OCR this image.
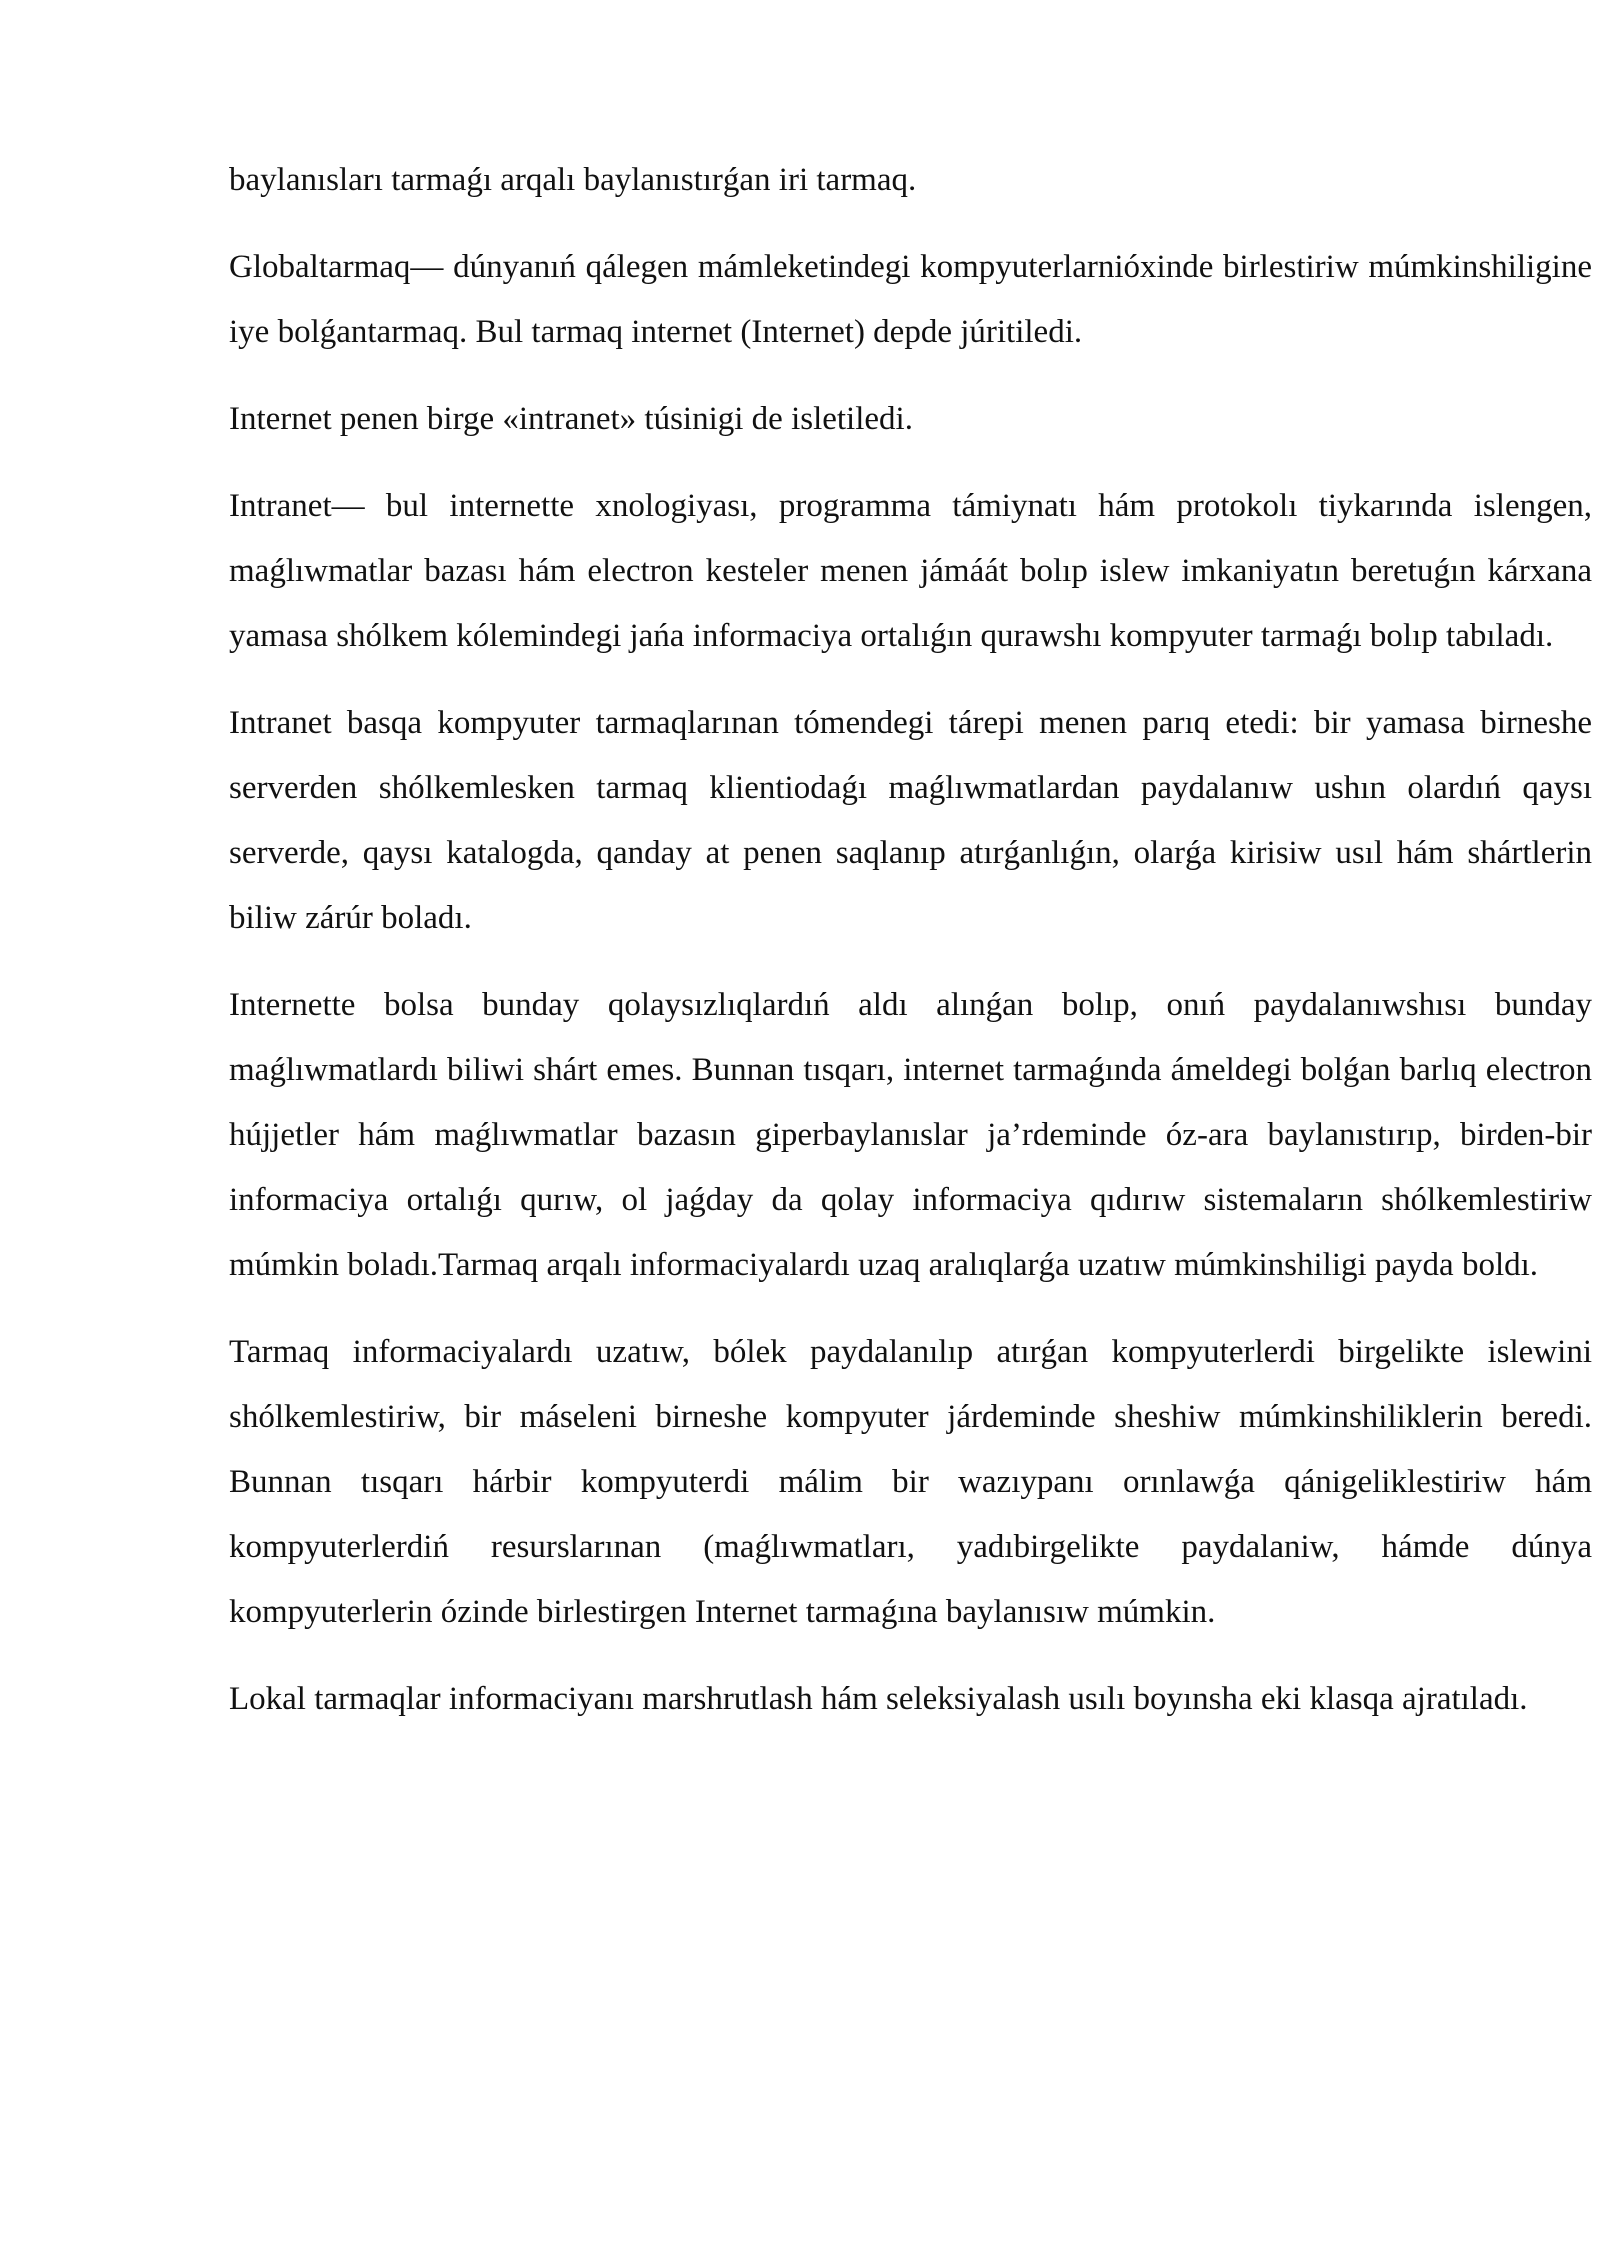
baylanısları tarmaǵı arqalı baylanıstırǵan iri tarmaq.

Globaltarmaq— dúnyanıń qálegen mámleketindegi kompyuterlarnióxinde birlestiriw múmkinshiligine iye bolǵantarmaq. Bul tarmaq internet (Internet) depde júritiledi.

Internet penen birge «intranet» túsinigi de isletiledi.

Intranet— bul internette xnologiyası, programma támiynatı hám protokolı tiykarında islengen, maǵlıwmatlar bazası hám electron kesteler menen jámáát bolıp islew imkaniyatın beretuǵın kárxana yamasa shólkem kólemindegi jańa informaciya ortalıǵın qurawshı kompyuter tarmaǵı bolıp tabıladı.

Intranet basqa kompyuter tarmaqlarınan tómendegi tárepi menen parıq etedi: bir yamasa birneshe serverden shólkemlesken tarmaq klientiodaǵı maǵlıwmatlardan paydalanıw ushın olardıń qaysı serverde, qaysı katalogda, qanday at penen saqlanıp atırǵanlıǵın, olarǵa kirisiw usıl hám shártlerin biliw zárúr boladı.

Internette bolsa bunday qolaysızlıqlardıń aldı alınǵan bolıp, onıń paydalanıwshısı bunday maǵlıwmatlardı biliwi shárt emes. Bunnan tısqarı, internet tarmaǵında ámeldegi bolǵan barlıq electron hújjetler hám maǵlıwmatlar bazasın giperbaylanıslar ja’rdeminde óz-ara baylanıstırıp, birden-bir informaciya ortalıǵı qurıw, ol jaǵday da qolay informaciya qıdırıw sistemaların shólkemlestiriw múmkin boladı.Tarmaq arqalı informaciyalardı uzaq aralıqlarǵa uzatıw múmkinshiligi payda boldı.

Tarmaq informaciyalardı uzatıw, bólek paydalanılıp atırǵan kompyuterlerdi birgelikte islewini shólkemlestiriw, bir máseleni birneshe kompyuter járdeminde sheshiw múmkinshiliklerin beredi. Bunnan tısqarı hárbir kompyuterdi málim bir wazıypanı orınlawǵa qánigeliklestiriw hám kompyuterlerdiń resurslarınan (maǵlıwmatları, yadıbirgelikte paydalaniw, hámde dúnya kompyuterlerin ózinde birlestirgen Internet tarmaǵına baylanısıw múmkin.

Lokal tarmaqlar informaciyanı marshrutlash hám seleksiyalash usılı boyınsha eki klasqa ajratıladı.
